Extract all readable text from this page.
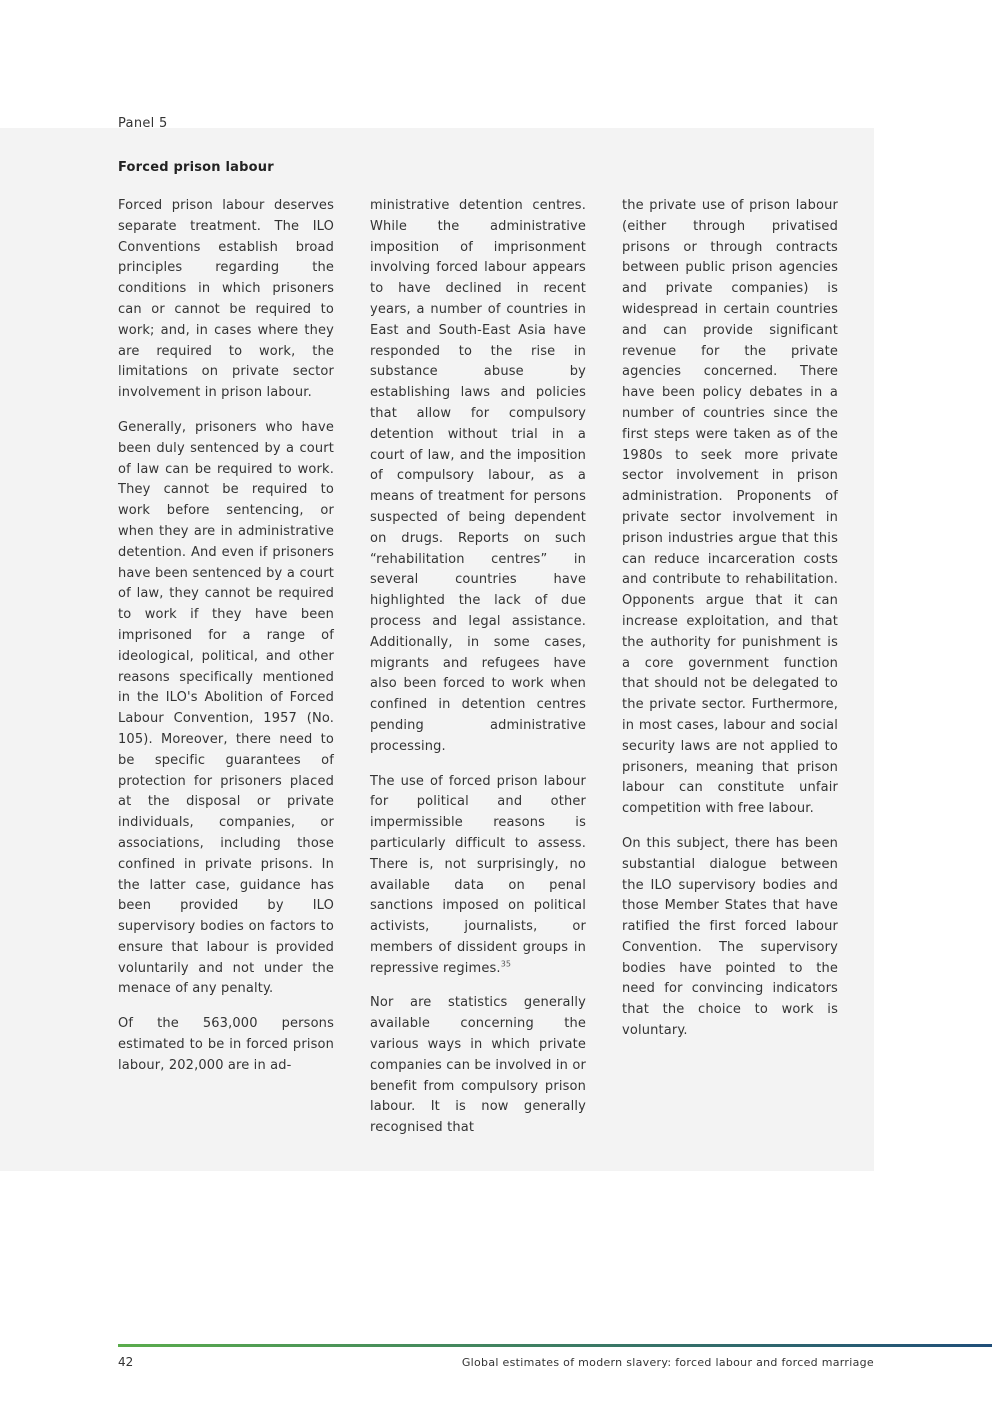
Panel 5
Forced prison labour

Forced prison labour deserves separate treatment. The ILO Conventions establish broad principles regarding the conditions in which prisoners can or cannot be required to work; and, in cases where they are required to work, the limitations on private sector involvement in prison labour.

Generally, prisoners who have been duly sentenced by a court of law can be required to work. They cannot be required to work before sentencing, or when they are in administrative detention. And even if prisoners have been sentenced by a court of law, they cannot be required to work if they have been imprisoned for a range of ideological, political, and other reasons specifically mentioned in the ILO's Abolition of Forced Labour Convention, 1957 (No. 105). Moreover, there need to be specific guarantees of protection for prisoners placed at the disposal or private individuals, companies, or associations, including those confined in private prisons. In the latter case, guidance has been provided by ILO supervisory bodies on factors to ensure that labour is provided voluntarily and not under the menace of any penalty.

Of the 563,000 persons estimated to be in forced prison labour, 202,000 are in ad-

ministrative detention centres. While the administrative imposition of imprisonment involving forced labour appears to have declined in recent years, a number of countries in East and South-East Asia have responded to the rise in substance abuse by establishing laws and policies that allow for compulsory detention without trial in a court of law, and the imposition of compulsory labour, as a means of treatment for persons suspected of being dependent on drugs. Reports on such “rehabilitation centres” in several countries have highlighted the lack of due process and legal assistance. Additionally, in some cases, migrants and refugees have also been forced to work when confined in detention centres pending administrative processing.

The use of forced prison labour for political and other impermissible reasons is particularly difficult to assess. There is, not surprisingly, no available data on penal sanctions imposed on political activists, journalists, or members of dissident groups in repressive regimes.$^{35}$

Nor are statistics generally available concerning the various ways in which private companies can be involved in or benefit from compulsory prison labour. It is now generally recognised that

the private use of prison labour (either through privatised prisons or through contracts between public prison agencies and private companies) is widespread in certain countries and can provide significant revenue for the private agencies concerned. There have been policy debates in a number of countries since the first steps were taken as of the 1980s to seek more private sector involvement in prison administration. Proponents of private sector involvement in prison industries argue that this can reduce incarceration costs and contribute to rehabilitation. Opponents argue that it can increase exploitation, and that the authority for punishment is a core government function that should not be delegated to the private sector. Furthermore, in most cases, labour and social security laws are not applied to prisoners, meaning that prison labour can constitute unfair competition with free labour.

On this subject, there has been substantial dialogue between the ILO supervisory bodies and those Member States that have ratified the first forced labour Convention. The supervisory bodies have pointed to the need for convincing indicators that the choice to work is voluntary.

42	Global estimates of modern slavery: forced labour and forced marriage
